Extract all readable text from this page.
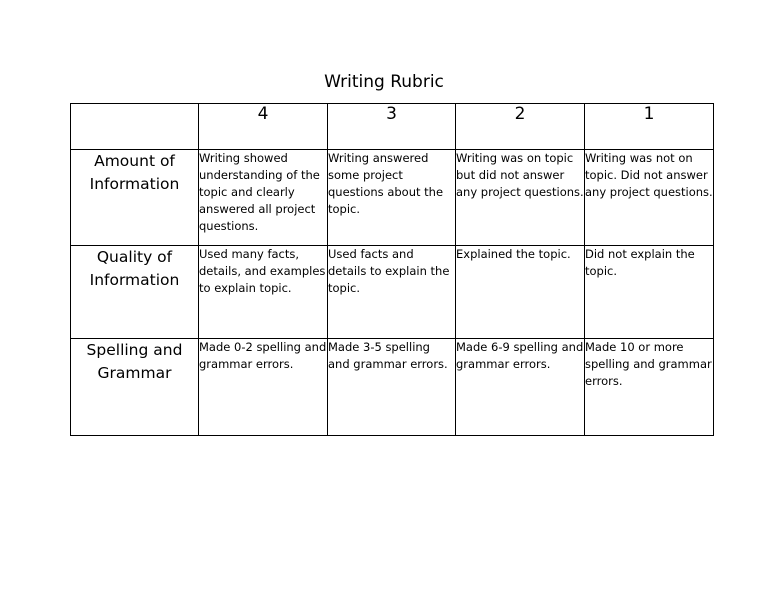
Writing Rubric
	4	3	2	1
Amount of Information	Writing showed understanding of the topic and clearly answered all project questions.	Writing answered some project questions about the topic.	Writing was on topic but did not answer any project questions.	Writing was not on topic. Did not answer any project questions.
Quality of Information	Used many facts, details, and examples to explain topic.	Used facts and details to explain the topic.	Explained the topic.	Did not explain the topic.
Spelling and Grammar	Made 0-2 spelling and grammar errors.	Made 3-5 spelling and grammar errors.	Made 6-9 spelling and grammar errors.	Made 10 or more spelling and grammar errors.
